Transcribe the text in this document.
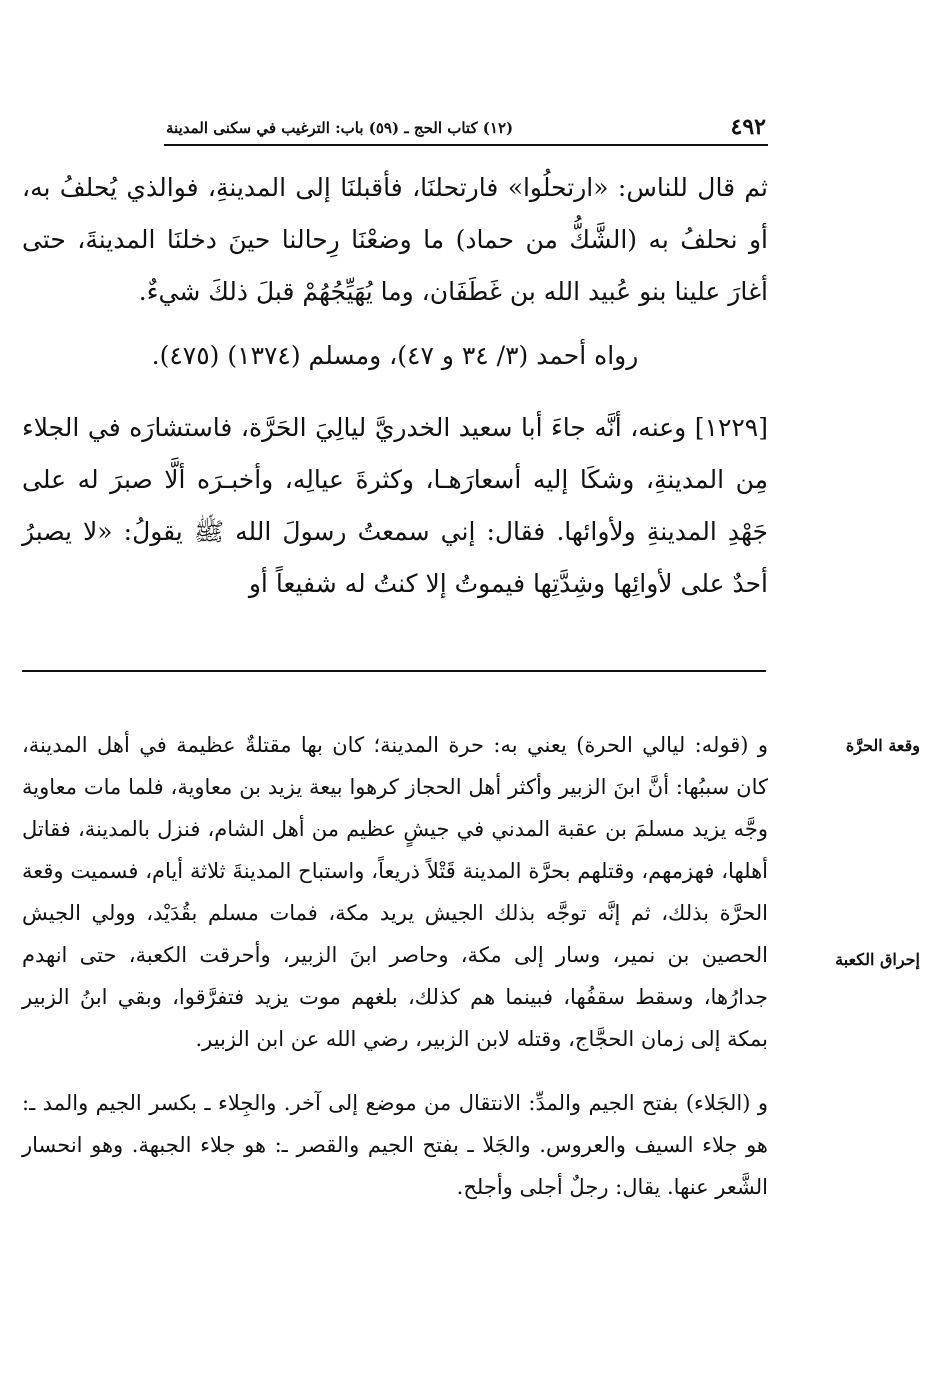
٤٩٢
(١٢) كتاب الحج ـ (٥٩) باب: الترغيب في سكنى المدينة

ثم قال للناس: «ارتحلُوا» فارتحلنَا، فأقبلنَا إلى المدينةِ، فوالذي يُحلفُ به، أو نحلفُ به (الشَّكُّ من حماد) ما وضعْنَا رِحالنا حينَ دخلنَا المدينةَ، حتى أغارَ علينا بنو عُبيد الله بن غَطَفَان، وما يُهَيِّجُهُمْ قبلَ ذلكَ شيءٌ.

رواه أحمد (٣/ ٣٤ و ٤٧)، ومسلم (١٣٧٤) (٤٧٥).

[١٢٢٩] وعنه، أنَّه جاءَ أبا سعيد الخدريَّ ليالِيَ الحَرَّة، فاستشارَه في الجلاء مِن المدينةِ، وشكَا إليه أسعارَهـا، وكثرةَ عيالِه، وأخبـرَه ألَّا صبرَ له على جَهْدِ المدينةِ ولأوائها. فقال: إني سمعتُ رسولَ الله ﷺ يقولُ: «لا يصبرُ أحدٌ على لأوائِها وشِدَّتِها فيموتُ إلا كنتُ له شفيعاً أو

وقعة الحرَّة
إحراق الكعبة

و (قوله: ليالي الحرة) يعني به: حرة المدينة؛ كان بها مقتلةٌ عظيمة في أهل المدينة، كان سببُها: أنَّ ابنَ الزبير وأكثر أهل الحجاز كرهوا بيعة يزيد بن معاوية، فلما مات معاوية وجَّه يزيد مسلمَ بن عقبة المدني في جيشٍ عظيم من أهل الشام، فنزل بالمدينة، فقاتل أهلها، فهزمهم، وقتلهم بحرَّة المدينة قَتْلاً ذريعاً، واستباح المدينةَ ثلاثة أيام، فسميت وقعة الحرَّة بذلك، ثم إنَّه توجَّه بذلك الجيش يريد مكة، فمات مسلم بقُدَيْد، وولي الجيش الحصين بن نمير، وسار إلى مكة، وحاصر ابنَ الزبير، وأحرقت الكعبة، حتى انهدم جدارُها، وسقط سقفُها، فبينما هم كذلك، بلغهم موت يزيد فتفرَّقوا، وبقي ابنُ الزبير بمكة إلى زمان الحجَّاج، وقتله لابن الزبير، رضي الله عن ابن الزبير.

و (الجَلاء) بفتح الجيم والمدِّ: الانتقال من موضع إلى آخر. والجِلاء ـ بكسر الجيم والمد ـ: هو جلاء السيف والعروس. والجَلا ـ بفتح الجيم والقصر ـ: هو جلاء الجبهة. وهو انحسار الشَّعر عنها. يقال: رجلٌ أجلى وأجلح.
